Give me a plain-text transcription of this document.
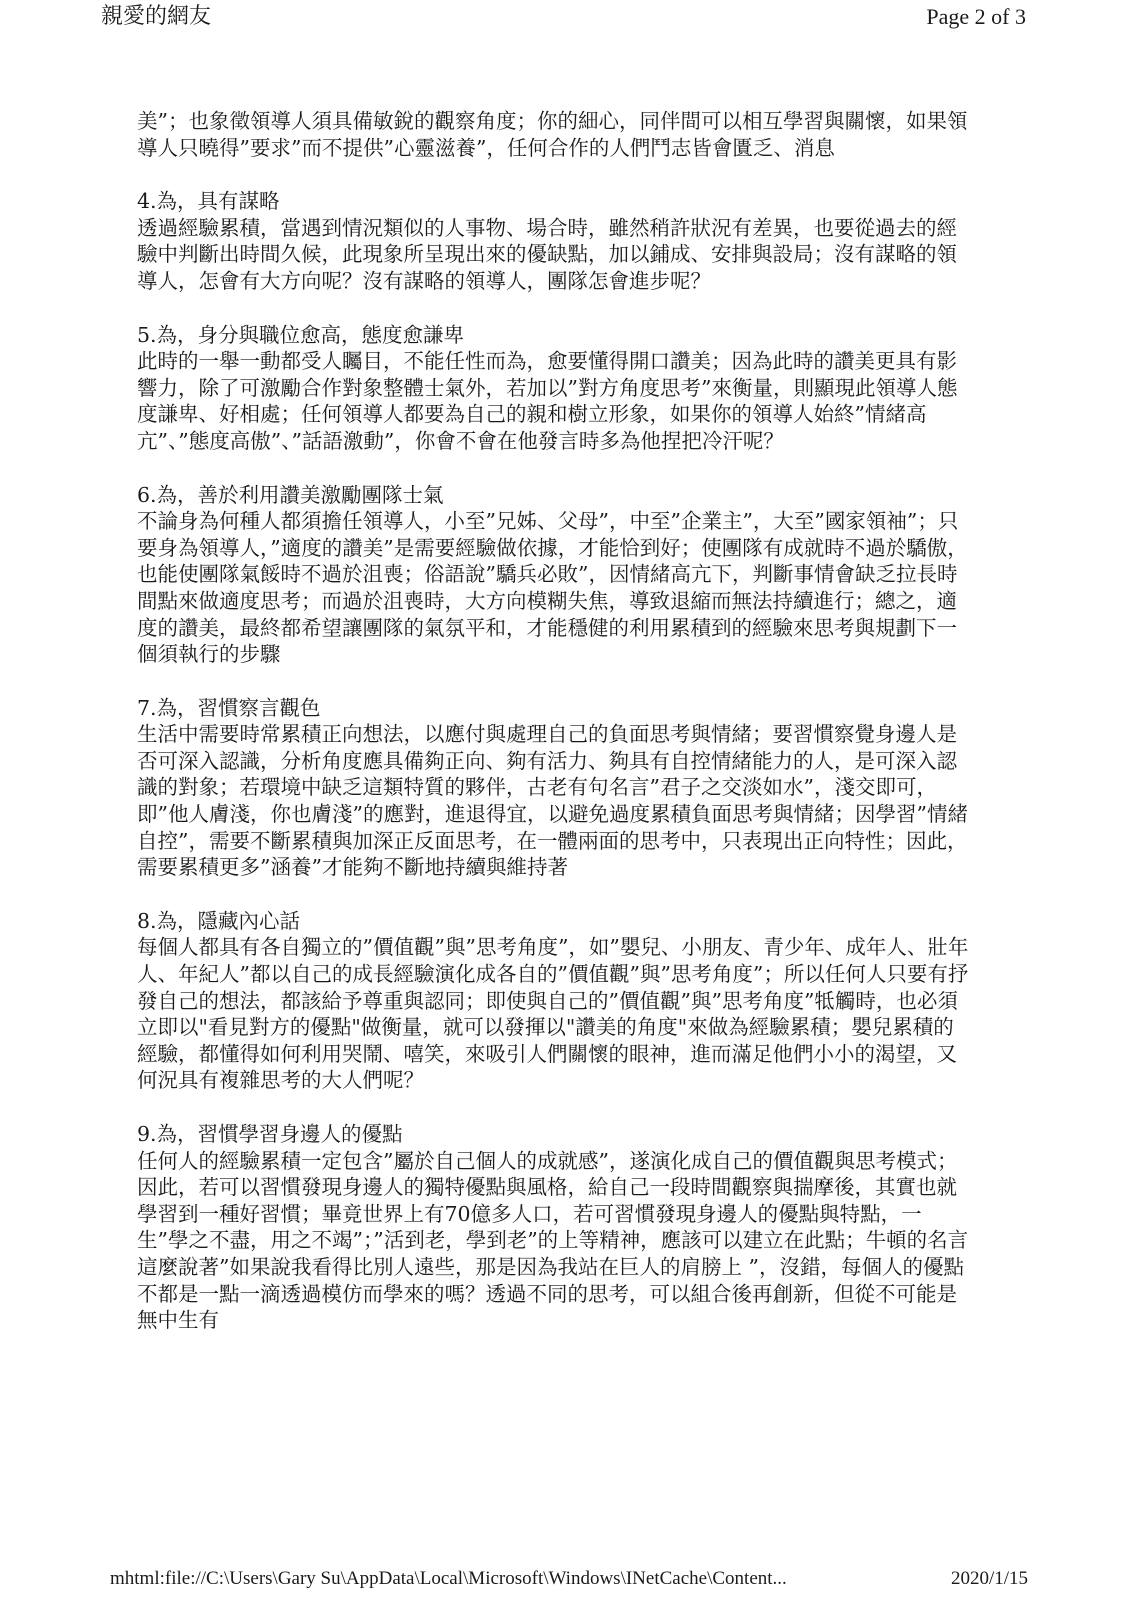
親愛的網友	Page 2 of 3

美”；也象徵領導人須具備敏銳的觀察角度；你的細心，同伴間可以相互學習與關懷，如果領導人只曉得”要求”而不提供”心靈滋養”，任何合作的人們鬥志皆會匱乏、消息

4.為，具有謀略

透過經驗累積，當遇到情況類似的人事物、場合時，雖然稍許狀況有差異，也要從過去的經驗中判斷出時間久候，此現象所呈現出來的優缺點，加以鋪成、安排與設局；沒有謀略的領導人，怎會有大方向呢？沒有謀略的領導人，團隊怎會進步呢？

5.為，身分與職位愈高，態度愈謙卑

此時的一舉一動都受人矚目，不能任性而為，愈要懂得開口讚美；因為此時的讚美更具有影響力，除了可激勵合作對象整體士氣外，若加以”對方角度思考”來衡量，則顯現此領導人態度謙卑、好相處；任何領導人都要為自己的親和樹立形象，如果你的領導人始終”情緒高亢”、”態度高傲”、”話語激動”，你會不會在他發言時多為他捏把冷汗呢？

6.為，善於利用讚美激勵團隊士氣

不論身為何種人都須擔任領導人，小至”兄姊、父母”，中至”企業主”，大至”國家領袖”；只要身為領導人，”適度的讚美”是需要經驗做依據，才能恰到好；使團隊有成就時不過於驕傲，也能使團隊氣餒時不過於沮喪；俗語說”驕兵必敗”，因情緒高亢下，判斷事情會缺乏拉長時間點來做適度思考；而過於沮喪時，大方向模糊失焦，導致退縮而無法持續進行；總之，適度的讚美，最終都希望讓團隊的氣氛平和，才能穩健的利用累積到的經驗來思考與規劃下一個須執行的步驟

7.為，習慣察言觀色

生活中需要時常累積正向想法，以應付與處理自己的負面思考與情緒；要習慣察覺身邊人是否可深入認識，分析角度應具備夠正向、夠有活力、夠具有自控情緒能力的人，是可深入認識的對象；若環境中缺乏這類特質的夥伴，古老有句名言”君子之交淡如水”，淺交即可，即”他人膚淺，你也膚淺”的應對，進退得宜，以避免過度累積負面思考與情緒；因學習”情緒自控”，需要不斷累積與加深正反面思考，在一體兩面的思考中，只表現出正向特性；因此，需要累積更多”涵養”才能夠不斷地持續與維持著

8.為，隱藏內心話

每個人都具有各自獨立的”價值觀”與”思考角度”，如”嬰兒、小朋友、青少年、成年人、壯年人、年紀人”都以自己的成長經驗演化成各自的”價值觀”與”思考角度”；所以任何人只要有抒發自己的想法，都該給予尊重與認同；即使與自己的”價值觀”與”思考角度”牴觸時，也必須立即以"看見對方的優點"做衡量，就可以發揮以"讚美的角度"來做為經驗累積；嬰兒累積的經驗，都懂得如何利用哭鬧、嘻笑，來吸引人們關懷的眼神，進而滿足他們小小的渴望，又何況具有複雜思考的大人們呢？

9.為，習慣學習身邊人的優點

任何人的經驗累積一定包含”屬於自己個人的成就感”，遂演化成自己的價值觀與思考模式；因此，若可以習慣發現身邊人的獨特優點與風格，給自己一段時間觀察與揣摩後，其實也就學習到一種好習慣；畢竟世界上有70億多人口，若可習慣發現身邊人的優點與特點，一生”學之不盡，用之不竭”；”活到老，學到老”的上等精神，應該可以建立在此點；牛頓的名言這麼說著”如果說我看得比別人遠些，那是因為我站在巨人的肩膀上 ”，沒錯，每個人的優點不都是一點一滴透過模仿而學來的嗎？透過不同的思考，可以組合後再創新，但從不可能是無中生有

mhtml:file://C:\Users\Gary Su\AppData\Local\Microsoft\Windows\INetCache\Content...	2020/1/15
